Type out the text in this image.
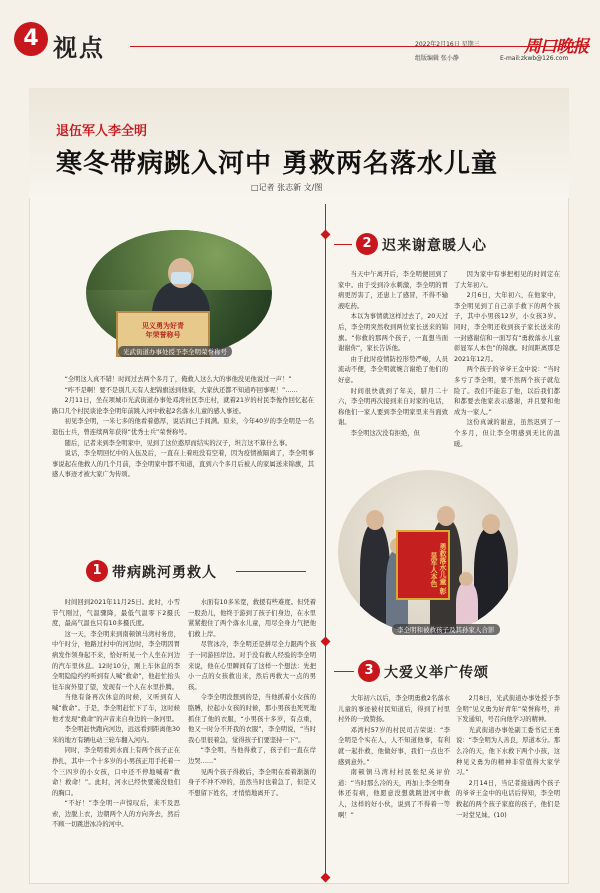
4 视点	2022年2月16日 星期三
组版编辑 张小静
周口晚报
E-mail:zkwb@126.com
退伍军人李全明
寒冬带病跳入河中 勇救两名落水儿童
□记者 张志新 文/图
见义勇为好青
年荣誉称号
光武街道办事处授予李全明荣誉称号

“全明这人真不错！时间过去两个多月了，俺救人这么大的事他没见他说过一声！”

“咋不是啊！要不是别几天有人把锦旗送到他家，大家伙还都不知道咋回事呢！”……

2月11日，坐在项城市光武街道办事处邓湾社区李庄村，就着21岁的村民李俊作回忆起在路口几个村民谈论李全明年前跳入河中救起2名落水儿童的感人事迹。

初见李全明，一米七多的他看着憨厚，说话间已手间满。原来，今年40岁的李全明是一名退伍士兵，曾连续两年获得“优秀士兵”荣誉称号。

随后，记者来到李全明家中，见到了这位憨厚而结实的汉子，坦言这不算什么事。

说话，李全明回忆中的入伍及后，一直在上着班没有空着，因为疫情被隔离了，李全明事事说起在他救人的几个月前，李全明家中都不知道，直到六个多月后被人的家属送来锦旗，其感人事迹才被大家广为传颂。

1 带病跳河勇救人

时间回到2021年11月25日。此时，小雪节气刚过，气温骤降，最低气温零下2摄氏度，最高气温也只有10多摄氏度。

这一天，李全明来到南顿镇马湾村务房，中午时分，他路过村中的河边时，李全明因胃病发作领身起不来，恰好听见一个人坐在河边的汽车里休息。12时10分，刚上车休息的李全明隐隐约约听到有人喊“救命”，他赶忙抬头往车窗外望了望，发现有一个人在水里扑腾。

当他有备再次休息的时候，又听到有人喊“救命”。于是，李全明赶忙下了车，这时候他才发现“救命”的声音来自身边的一条河里。

李全明赶快跑向河边，远远看到距离他30米的地方有辆电动三轮车翻入河内。

同时，李全明看到水面上有两个孩子正在挣扎，其中一个十多岁的小男孩正用手托着一个三四岁的小女孩，口中还不停地喊着“救命！救命！”。此时，河水已经快要淹没他们的胸口。

“不好！”李全明一声惊叹后，来不及思索，边脱上衣，边朝两个人的方向奔去，然后不顾一切跳进冰冷的河中。

水面有10多米宽，救援有些难度。但凭着一股劲儿，他终于游到了孩子们身边，在水里紧紧抱住了两个落水儿童，用尽全身力气把他们救上岸。

尽管冰冷，李全明还是拼尽全力跟两个孩子一同游回岸边。对于没有救人经验的李全明来说，他在心里瞬间有了这样一个想法：先把小一点的女孩救出来，然后再救大一点的男孩。

令李全明没想到的是，当他抓着小女孩的胳膊，拉起小女孩的时候，那小男孩也死死地抓住了他的衣服，“小男孩十多岁，有点重，他又一时分不开我的衣服”，李全明说，“当时我心里很着急，觉得孩子们要坚持一下”。

“李全明，当他得救了，孩子们一直在岸边哭……”

见两个孩子得救后，李全明在看着渐渐的身子不冲不冲的，虽然当时也着急了，但是又不想留下姓名，才悄悄地离开了。

2 迟来谢意暖人心

当天中午离开后，李全明便回到了家中。由于受到冷水刺激，李全明的胃病更厉害了，还患上了感冒，不得不输液吃药。

本以为事情就这样过去了，20天过后，李全明突然收到两位家长送来的锦旗。“你救的那两个孩子，一直想当面谢谢你”，家长告诉他。

由于此时疫情防控形势严峻，人员流动不便，李全明就婉言谢绝了他们的好意。

时间很快就到了年关，腊月二十六，李全明再次接到来自对家的电话，称他们一家人要到李全明家里来当面致谢。

李全明这次没有拒绝，但

因为家中有事把相见的时间定在了大年初六。

2月6日，大年初六，在他家中，李全明见到了自己亲手救下的两个孩子，其中小男孩12岁，小女孩3岁。同时，李全明还收到孩子家长送来的一封感谢信和一面写有“勇救落水儿童 彰显军人本色”的锦旗。时间距离那是2021年12月。

两个孩子的爷爷王金中说：“当时多亏了李全明，要不然两个孩子就危险了。我们不能忘了他，以后我们都和都要去他家表示感谢，并且要和他成为一家人。”

这份真诚的谢意，虽然迟到了一个多月，但让李全明感到无比的温暖。

勇救落水儿童 彰显军人本色
李全明和被救孩子及其孙家人合影
3 大爱义举广传颂

大年初六以后，李全明勇救2名落水儿童的事迹被村民知道后，得到了村里村外的一致赞扬。

邓湾村57岁的村民司吉荣说：“李全明是个实在人，人不知道他事，有利就一起扑救，他做好事，我们一点也不感到意外。”

南顿镇马湾村村民张纪英评价道：“当时那么冷的天，再加上李全明身体还有病，他愿意没想就跳进河中救人，这样的好小伙，说到了不得着一等啊！”

2月8日，光武街道办事处授予李全明“见义勇为好青年”荣誉称号，并下发通知，号召向他学习的精神。

光武街道办事处副工委书记王勇说：“李全明为人善良，厚道本分。那么冷的天，他下水救下两个小孩，这种见义勇为的精神非常值得大家学习。”

2月14日，当记者接通两个孩子的爷爷王金中的电话后得知，李全明救起的两个孩子家庭的孩子，他们是一对堂兄妹。(10)
